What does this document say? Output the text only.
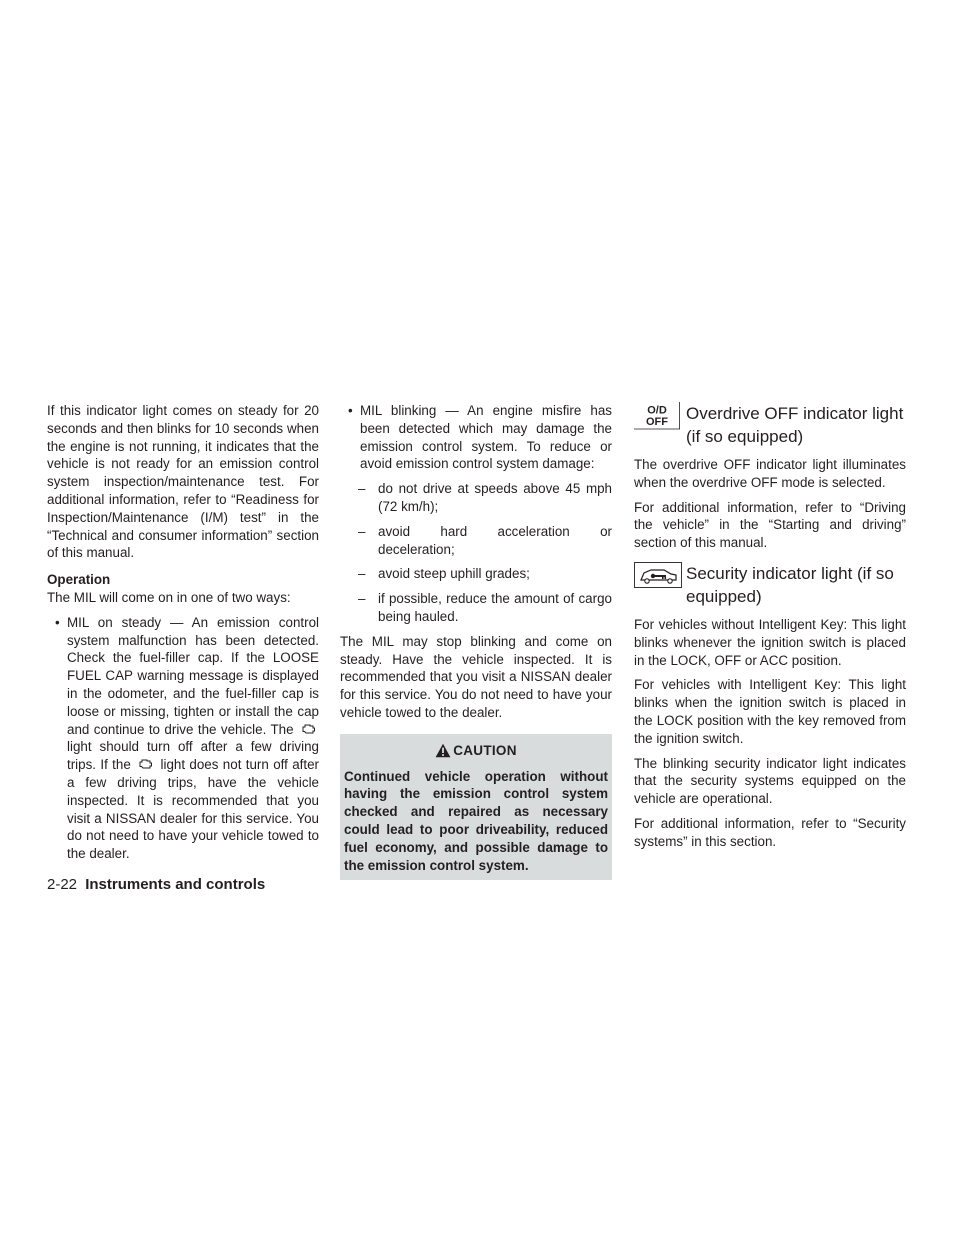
If this indicator light comes on steady for 20 seconds and then blinks for 10 seconds when the engine is not running, it indicates that the vehicle is not ready for an emission control system inspection/maintenance test. For additional information, refer to “Readiness for Inspection/Maintenance (I/M) test” in the “Technical and consumer information” section of this manual.

Operation

The MIL will come on in one of two ways:

• MIL on steady — An emission control system malfunction has been detected. Check the fuel-filler cap. If the LOOSE FUEL CAP warning message is displayed in the odometer, and the fuel-filler cap is loose or missing, tighten or install the cap and continue to drive the vehicle. The  light should turn off after a few driving trips. If the light does not turn off after a few driving trips, have the vehicle inspected. It is recommended that you visit a NISSAN dealer for this service. You do not need to have your vehicle towed to the dealer.
• MIL blinking — An engine misfire has been detected which may damage the emission control system. To reduce or avoid emission control system damage:
– do not drive at speeds above 45 mph (72 km/h);
– avoid hard acceleration or deceleration;
– avoid steep uphill grades;
– if possible, reduce the amount of cargo being hauled.

The MIL may stop blinking and come on steady. Have the vehicle inspected. It is recommended that you visit a NISSAN dealer for this service. You do not need to have your vehicle towed to the dealer.

CAUTION
Continued vehicle operation without having the emission control system checked and repaired as necessary could lead to poor driveability, reduced fuel economy, and possible damage to the emission control system.
O/D
OFF Overdrive OFF indicator light (if so equipped)

The overdrive OFF indicator light illuminates when the overdrive OFF mode is selected.

For additional information, refer to “Driving the vehicle” in the “Starting and driving” section of this manual.

Security indicator light (if so equipped)

For vehicles without Intelligent Key: This light blinks whenever the ignition switch is placed in the LOCK, OFF or ACC position.

For vehicles with Intelligent Key: This light blinks when the ignition switch is placed in the LOCK position with the key removed from the ignition switch.

The blinking security indicator light indicates that the security systems equipped on the vehicle are operational.

For additional information, refer to “Security systems” in this section.

2-22 Instruments and controls
